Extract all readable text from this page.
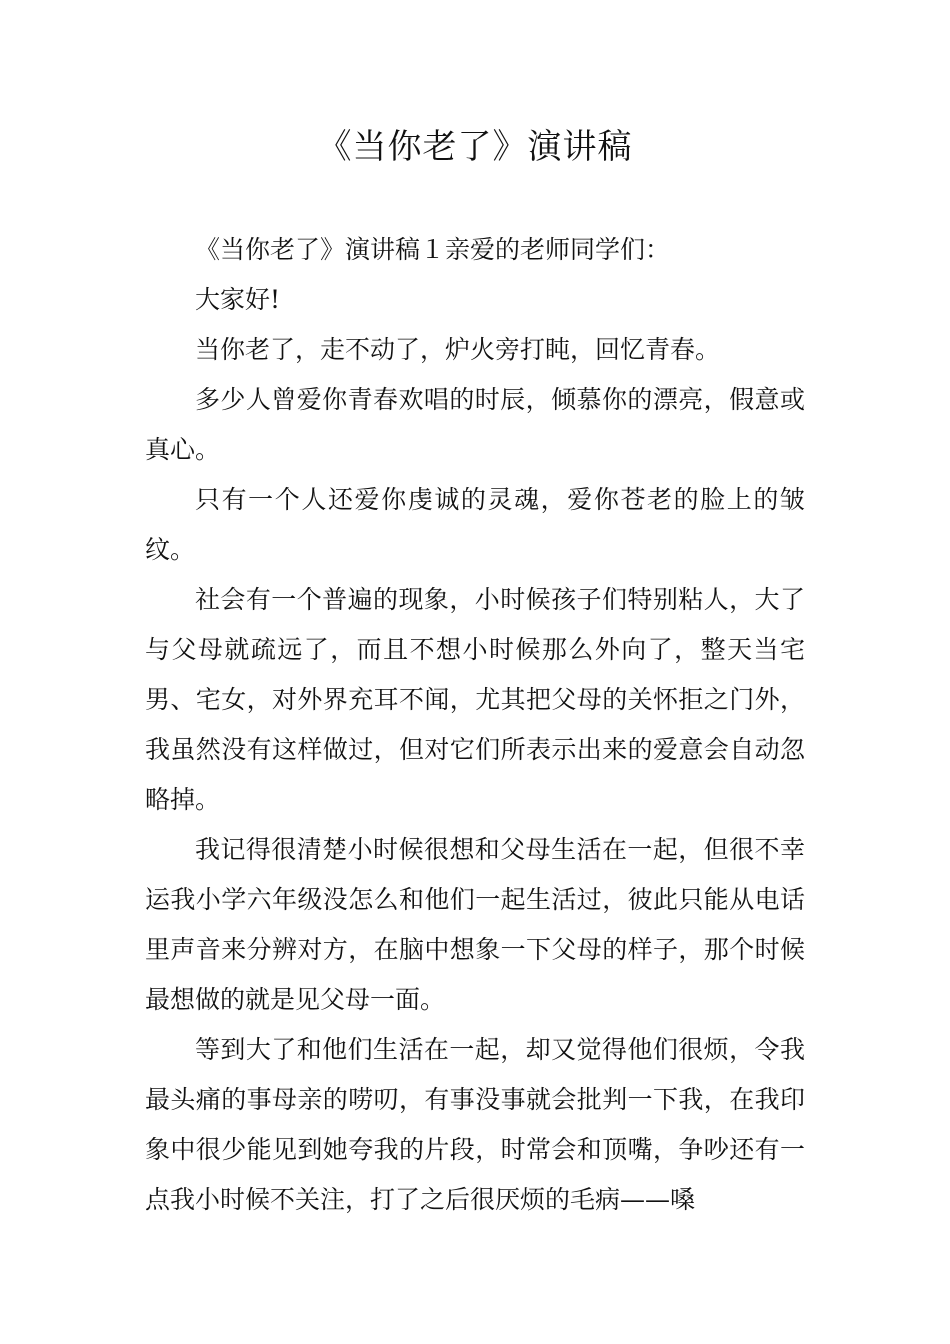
《当你老了》演讲稿

《当你老了》演讲稿１亲爱的老师同学们：

大家好!

当你老了，走不动了，炉火旁打盹，回忆青春。

多少人曾爱你青春欢唱的时辰，倾慕你的漂亮，假意或真心。

只有一个人还爱你虔诚的灵魂，爱你苍老的脸上的皱纹。

社会有一个普遍的现象，小时候孩子们特别粘人，大了与父母就疏远了，而且不想小时候那么外向了，整天当宅男、宅女，对外界充耳不闻，尤其把父母的关怀拒之门外，我虽然没有这样做过，但对它们所表示出来的爱意会自动忽略掉。

我记得很清楚小时候很想和父母生活在一起，但很不幸运我小学六年级没怎么和他们一起生活过，彼此只能从电话里声音来分辨对方，在脑中想象一下父母的样子，那个时候最想做的就是见父母一面。

等到大了和他们生活在一起，却又觉得他们很烦，令我最头痛的事母亲的唠叨，有事没事就会批判一下我，在我印象中很少能见到她夸我的片段，时常会和顶嘴，争吵还有一点我小时候不关注，打了之后很厌烦的毛病——嗓
